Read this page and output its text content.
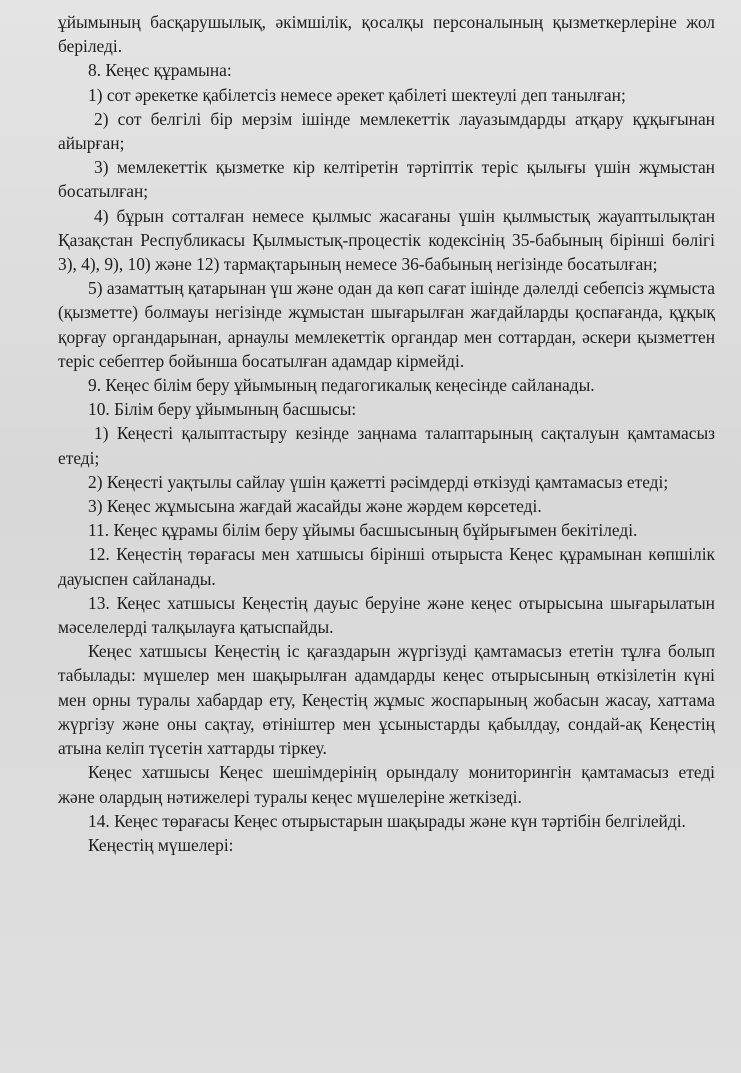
ұйымының басқарушылық, әкімшілік, қосалқы персоналының қызметкерлеріне жол беріледі.

8. Кеңес құрамына:

1) сот әрекетке қабілетсіз немесе әрекет қабілеті шектеулі деп танылған;

2) сот белгілі бір мерзім ішінде мемлекеттік лауазымдарды атқару құқығынан айырған;

3) мемлекеттік қызметке кір келтіретін тәртіптік теріс қылығы үшін жұмыстан босатылған;

4) бұрын сотталған немесе қылмыс жасағаны үшін қылмыстық жауаптылықтан Қазақстан Республикасы Қылмыстық-процестік кодексінің 35-бабының бірінші бөлігі 3), 4), 9), 10) және 12) тармақтарының немесе 36-бабының негізінде босатылған;

5) азаматтың қатарынан үш және одан да көп сағат ішінде дәлелді себепсіз жұмыста (қызметте) болмауы негізінде жұмыстан шығарылған жағдайларды қоспағанда, құқық қорғау органдарынан, арнаулы мемлекеттік органдар мен соттардан, әскери қызметтен теріс себептер бойынша босатылған адамдар кірмейді.

9. Кеңес білім беру ұйымының педагогикалық кеңесінде сайланады.

10. Білім беру ұйымының басшысы:

1) Кеңесті қалыптастыру кезінде заңнама талаптарының сақталуын қамтамасыз етеді;

2) Кеңесті уақтылы сайлау үшін қажетті рәсімдерді өткізуді қамтамасыз етеді;

3) Кеңес жұмысына жағдай жасайды және жәрдем көрсетеді.

11. Кеңес құрамы білім беру ұйымы басшысының бұйрығымен бекітіледі.

12. Кеңестің төрағасы мен хатшысы бірінші отырыста Кеңес құрамынан көпшілік дауыспен сайланады.

13. Кеңес хатшысы Кеңестің дауыс беруіне және кеңес отырысына шығарылатын мәселелерді талқылауға қатыспайды.

Кеңес хатшысы Кеңестің іс қағаздарын жүргізуді қамтамасыз ететін тұлға болып табылады: мүшелер мен шақырылған адамдарды кеңес отырысының өткізілетін күні мен орны туралы хабардар ету, Кеңестің жұмыс жоспарының жобасын жасау, хаттама жүргізу және оны сақтау, өтініштер мен ұсыныстарды қабылдау, сондай-ақ Кеңестің атына келіп түсетін хаттарды тіркеу.

Кеңес хатшысы Кеңес шешімдерінің орындалу мониторингін қамтамасыз етеді және олардың нәтижелері туралы кеңес мүшелеріне жеткізеді.

14. Кеңес төрағасы Кеңес отырыстарын шақырады және күн тәртібін белгілейді.

Кеңестің мүшелері:
